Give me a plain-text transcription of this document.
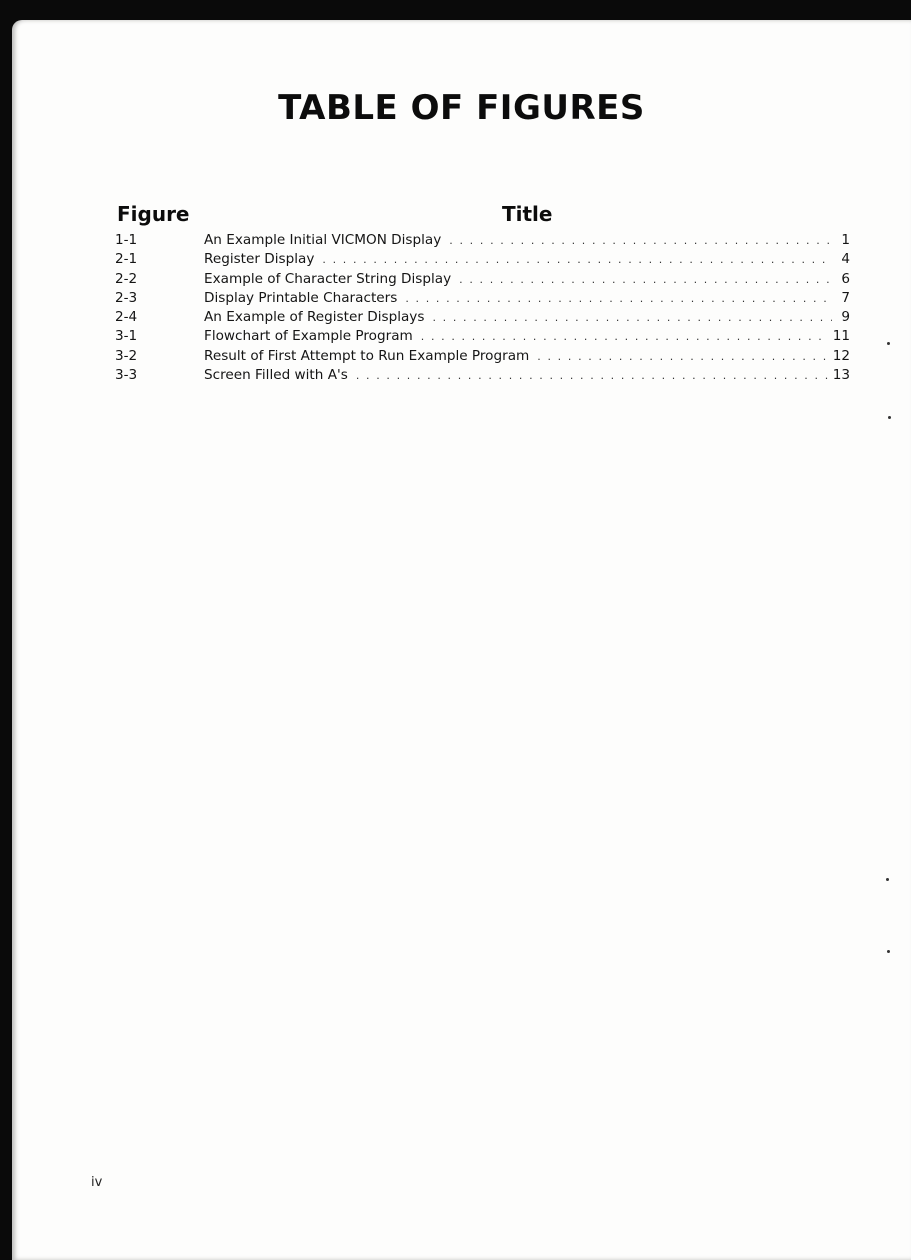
TABLE OF FIGURES
Figure	Title
1-1	An Example Initial VICMON Display . . .	1
2-1	Register Display . . .	4
2-2	Example of Character String Display . . .	6
2-3	Display Printable Characters . . .	7
2-4	An Example of Register Displays . . .	9
3-1	Flowchart of Example Program . . .	11
3-2	Result of First Attempt to Run Example Program . . .	12
3-3	Screen Filled with A's . . .	13
iv
